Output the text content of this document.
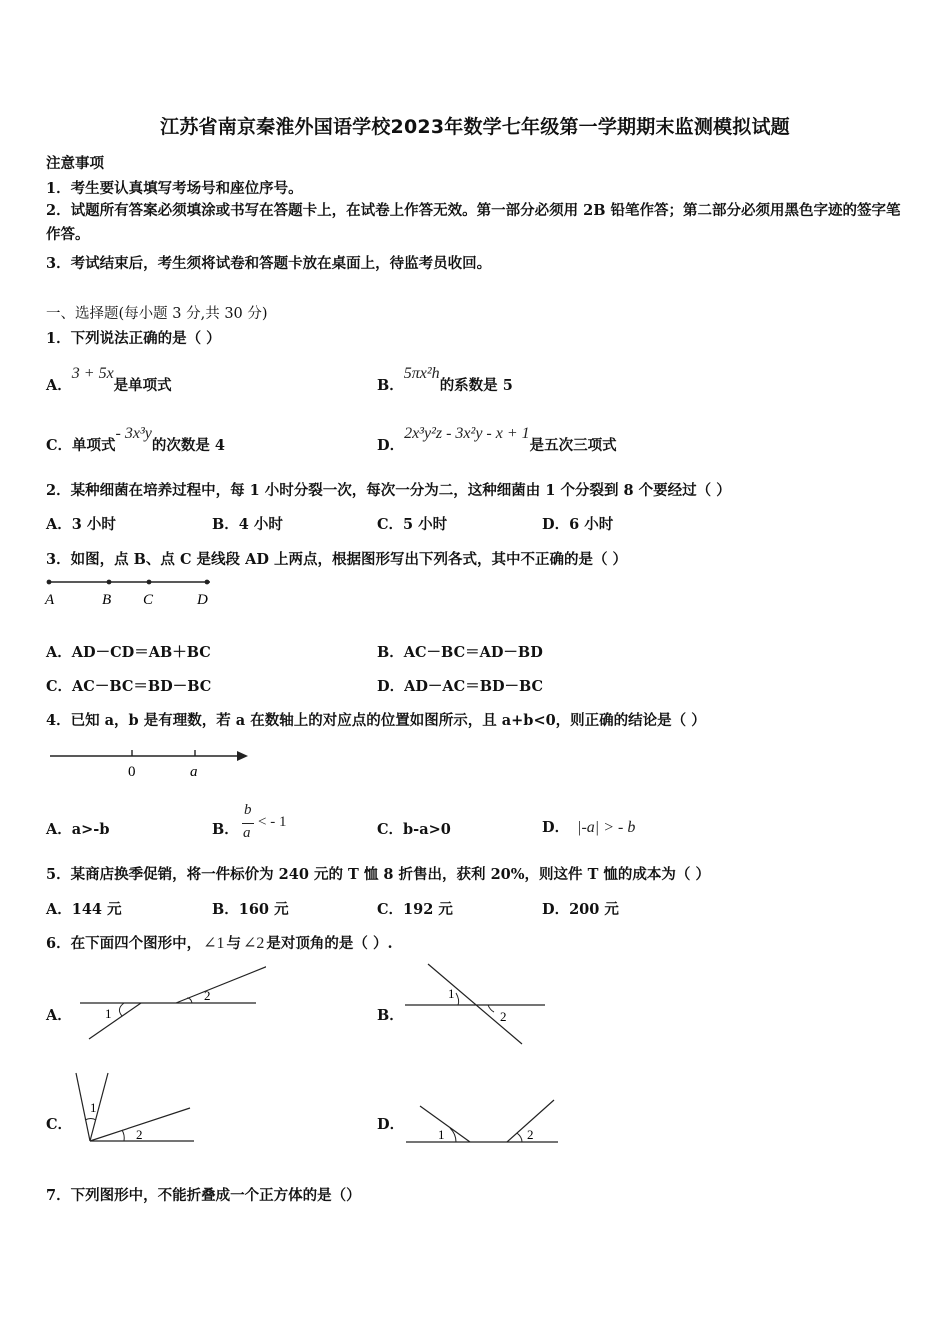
江苏省南京秦淮外国语学校2023年数学七年级第一学期期末监测模拟试题
注意事项
1．考生要认真填写考场号和座位序号。
2．试题所有答案必须填涂或书写在答题卡上，在试卷上作答无效。第一部分必须用 2B 铅笔作答；第二部分必须用黑色字迹的签字笔作答。
3．考试结束后，考生须将试卷和答题卡放在桌面上，待监考员收回。
一、选择题(每小题 3 分,共 30 分)
1．下列说法正确的是（ ）
A．3 + 5x是单项式	B．5πx²h的系数是 5
C．单项式- 3x³y的次数是 4	D．2x³y²z - 3x²y - x + 1是五次三项式
2．某种细菌在培养过程中，每 1 小时分裂一次，每次一分为二，这种细菌由 1 个分裂到 8 个要经过（ ）
A．3 小时	B．4 小时	C．5 小时	D．6 小时
3．如图，点 B、点 C 是线段 AD 上两点，根据图形写出下列各式，其中不正确的是（ ）
A	B C	D
A．AD－CD＝AB＋BC	B．AC－BC＝AD－BD
C．AC－BC＝BD－BC	D．AD－AC＝BD－BC
4．已知 a，b 是有理数，若 a 在数轴上的对应点的位置如图所示，且 a+b<0，则正确的结论是（ ）
0	a
A．a>-b	B．
b
a
< - 1	C．b-a>0	D． |-a| > - b
5．某商店换季促销，将一件标价为 240 元的 T 恤 8 折售出，获利 20%，则这件 T 恤的成本为（ ）
A．144 元	B．160 元	C．192 元	D．200 元
6．在下面四个图形中， ∠1 与 ∠2 是对顶角的是（ ）.
A．	1
2
B．
1
2
C．
1
2
D．
1	2
7．下列图形中，不能折叠成一个正方体的是（）
